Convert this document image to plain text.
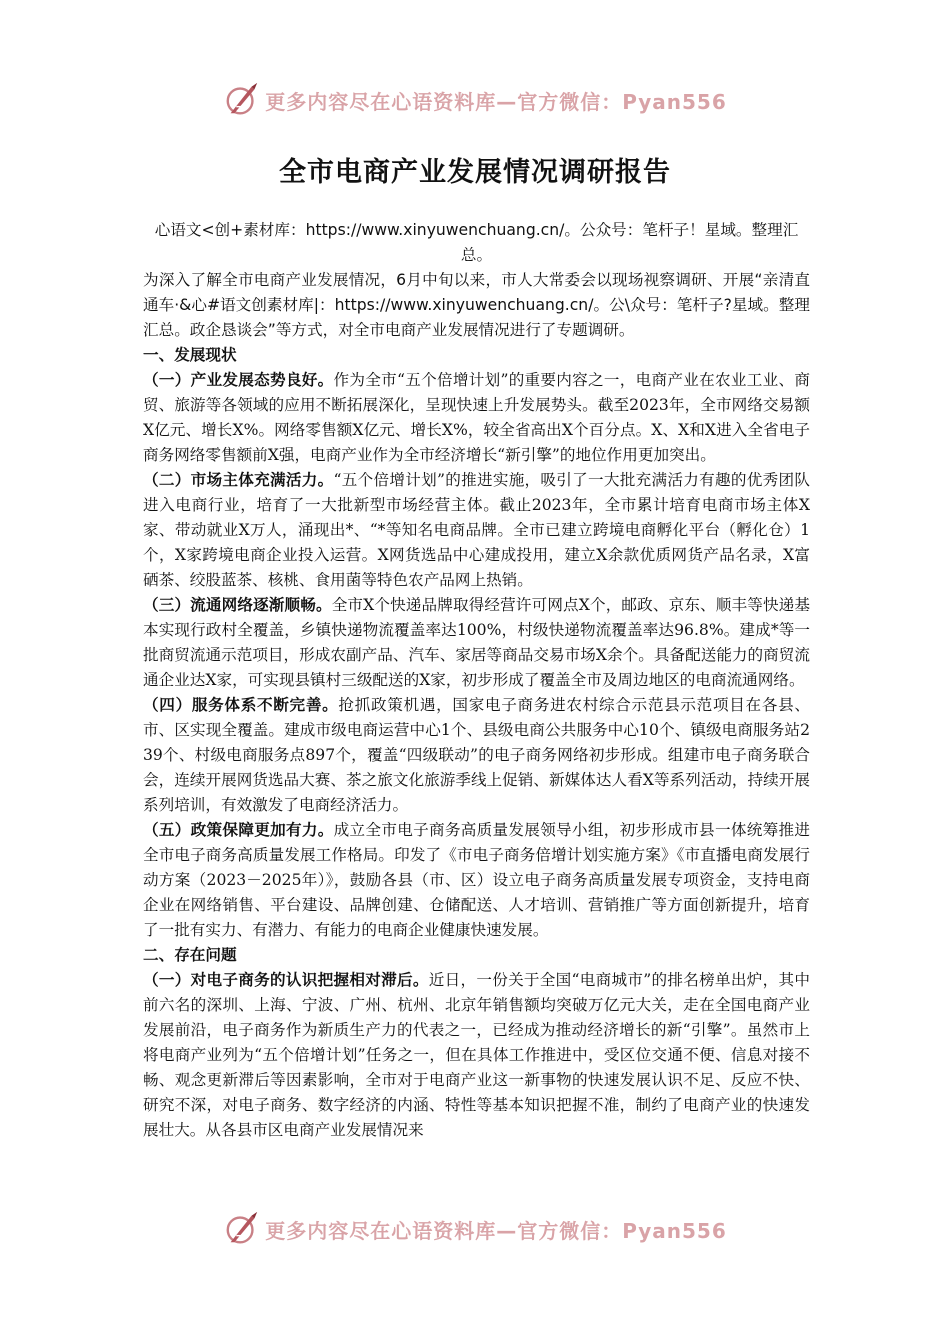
更多内容尽在心语资料库—官方微信：Pyan556
全市电商产业发展情况调研报告

心语文<创+素材库：https://www.xinyuwenchuang.cn/。公众号：笔杆子！星域。整理汇总。

为深入了解全市电商产业发展情况，6月中旬以来，市人大常委会以现场视察调研、开展“亲清直通车·&心#语文创素材库|：https://www.xinyuwenchuang.cn/。公\众号：笔杆子?星域。整理汇总。政企恳谈会”等方式，对全市电商产业发展情况进行了专题调研。

一、发展现状

（一）产业发展态势良好。作为全市“五个倍增计划”的重要内容之一，电商产业在农业工业、商贸、旅游等各领域的应用不断拓展深化，呈现快速上升发展势头。截至2023年，全市网络交易额X亿元、增长X%。网络零售额X亿元、增长X%，较全省高出X个百分点。X、X和X进入全省电子商务网络零售额前X强，电商产业作为全市经济增长“新引擎”的地位作用更加突出。

（二）市场主体充满活力。“五个倍增计划”的推进实施，吸引了一大批充满活力有趣的优秀团队进入电商行业，培育了一大批新型市场经营主体。截止2023年，全市累计培育电商市场主体X家、带动就业X万人，涌现出*、“*等知名电商品牌。全市已建立跨境电商孵化平台（孵化仓）1个，X家跨境电商企业投入运营。X网货选品中心建成投用，建立X余款优质网货产品名录，X富硒茶、绞股蓝茶、核桃、食用菌等特色农产品网上热销。

（三）流通网络逐渐顺畅。全市X个快递品牌取得经营许可网点X个，邮政、京东、顺丰等快递基本实现行政村全覆盖，乡镇快递物流覆盖率达100%，村级快递物流覆盖率达96.8%。建成*等一批商贸流通示范项目，形成农副产品、汽车、家居等商品交易市场X余个。具备配送能力的商贸流通企业达X家，可实现县镇村三级配送的X家，初步形成了覆盖全市及周边地区的电商流通网络。

（四）服务体系不断完善。抢抓政策机遇，国家电子商务进农村综合示范县示范项目在各县、市、区实现全覆盖。建成市级电商运营中心1个、县级电商公共服务中心10个、镇级电商服务站239个、村级电商服务点897个，覆盖“四级联动”的电子商务网络初步形成。组建市电子商务联合会，连续开展网货选品大赛、茶之旅文化旅游季线上促销、新媒体达人看X等系列活动，持续开展系列培训，有效激发了电商经济活力。

（五）政策保障更加有力。成立全市电子商务高质量发展领导小组，初步形成市县一体统筹推进全市电子商务高质量发展工作格局。印发了《市电子商务倍增计划实施方案》《市直播电商发展行动方案（2023－2025年）》，鼓励各县（市、区）设立电子商务高质量发展专项资金，支持电商企业在网络销售、平台建设、品牌创建、仓储配送、人才培训、营销推广等方面创新提升，培育了一批有实力、有潜力、有能力的电商企业健康快速发展。

二、存在问题

（一）对电子商务的认识把握相对滞后。近日，一份关于全国“电商城市”的排名榜单出炉，其中前六名的深圳、上海、宁波、广州、杭州、北京年销售额均突破万亿元大关，走在全国电商产业发展前沿，电子商务作为新质生产力的代表之一，已经成为推动经济增长的新“引擎”。虽然市上将电商产业列为“五个倍增计划”任务之一，但在具体工作推进中，受区位交通不便、信息对接不畅、观念更新滞后等因素影响，全市对于电商产业这一新事物的快速发展认识不足、反应不快、研究不深，对电子商务、数字经济的内涵、特性等基本知识把握不准，制约了电商产业的快速发展壮大。从各县市区电商产业发展情况来

更多内容尽在心语资料库—官方微信：Pyan556
